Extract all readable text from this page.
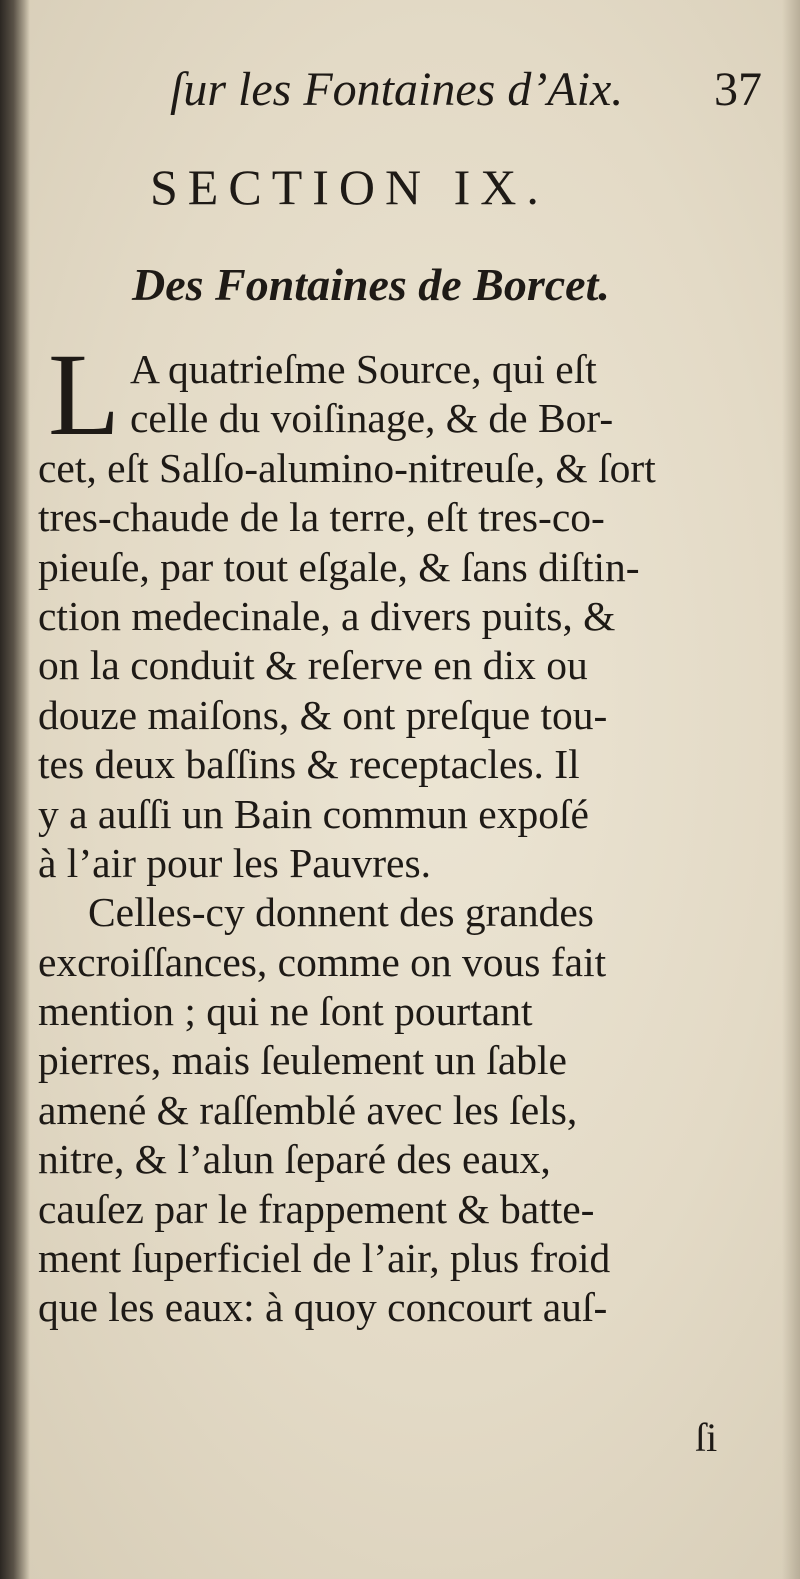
ſur les Fontaines d’Aix. 37
SECTION IX.
Des Fontaines de Borcet.
L A quatrieſme Source, qui eſt
celle du voiſinage, & de Bor-
cet, eſt Salſo-alumino-nitreuſe, & ſort
tres-chaude de la terre, eſt tres-co-
pieuſe, par tout eſgale, & ſans diſtin-
ction medecinale, a divers puits, &
on la conduit & reſerve en dix ou
douze maiſons, & ont preſque tou-
tes deux baſſins & receptacles. Il
y a auſſi un Bain commun expoſé
à l’air pour les Pauvres.
Celles-cy donnent des grandes
excroiſſances, comme on vous fait
mention ; qui ne ſont pourtant
pierres, mais ſeulement un ſable
amené & raſſemblé avec les ſels,
nitre, & l’alun ſeparé des eaux,
cauſez par le frappement & batte-
ment ſuperficiel de l’air, plus froid
que les eaux: à quoy concourt auſ-
ſi
